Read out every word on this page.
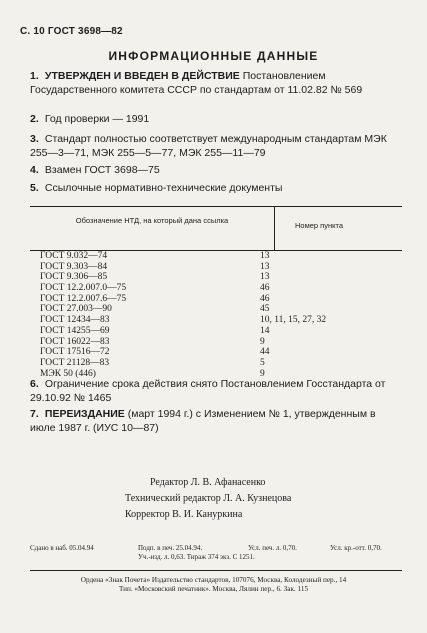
С. 10 ГОСТ 3698—82
ИНФОРМАЦИОННЫЕ ДАННЫЕ
1. УТВЕРЖДЕН И ВВЕДЕН В ДЕЙСТВИЕ Постановлением Государственного комитета СССР по стандартам от 11.02.82 № 569
2. Год проверки — 1991
3. Стандарт полностью соответствует международным стандартам МЭК 255—3—71, МЭК 255—5—77, МЭК 255—11—79
4. Взамен ГОСТ 3698—75
5. Ссылочные нормативно-технические документы
Обозначение НТД, на который дана ссылка
Номер пункта
ГОСТ 9.032—74	13
ГОСТ 9.303—84	13
ГОСТ 9.306—85	13
ГОСТ 12.2.007.0—75	46
ГОСТ 12.2.007.6—75	46
ГОСТ 27.003—90	45
ГОСТ 12434—83	10, 11, 15, 27, 32
ГОСТ 14255—69	14
ГОСТ 16022—83	9
ГОСТ 17516—72	44
ГОСТ 21128—83	5
МЭК 50 (446)	9
6. Ограничение срока действия снято Постановлением Госстандарта от 29.10.92 № 1465
7. ПЕРЕИЗДАНИЕ (март 1994 г.) с Изменением № 1, утвержденным в июле 1987 г. (ИУС 10—87)
Редактор Л. В. Афанасенко
Технический редактор Л. А. Кузнецова
Корректор В. И. Кануркина
Сдано в наб. 05.04.94	Подп. в печ. 25.04.94.	Усл. печ. л. 0,70.	Усл. кр.-отт. 0,70.
Уч.-изд. л. 0,63. Тираж 374 экз. С 1251.
Ордена «Знак Почета» Издательство стандартов, 107076, Москва, Колодезный пер., 14
Тип. «Московский печатник». Москва, Лялин пер., 6. Зак. 115
